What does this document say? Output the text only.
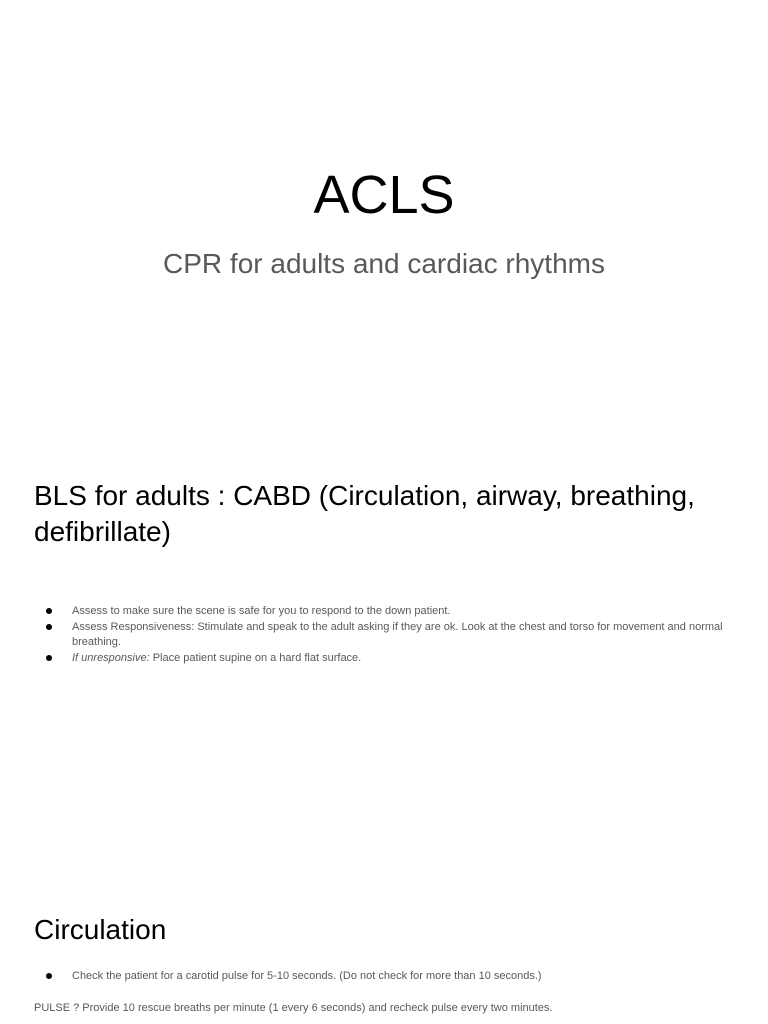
ACLS
CPR for adults and cardiac rhythms
BLS for adults : CABD (Circulation, airway, breathing, defibrillate)
Assess to make sure the scene is safe for you to respond to the down patient.
Assess Responsiveness: Stimulate and speak to the adult asking if they are ok. Look at the chest and torso for movement and normal breathing.
If unresponsive: Place patient supine on a hard flat surface.
Circulation
Check the patient for a carotid pulse for 5-10 seconds. (Do not check for more than 10 seconds.)
PULSE ? Provide 10 rescue breaths per minute (1 every 6 seconds) and recheck pulse every two minutes.
